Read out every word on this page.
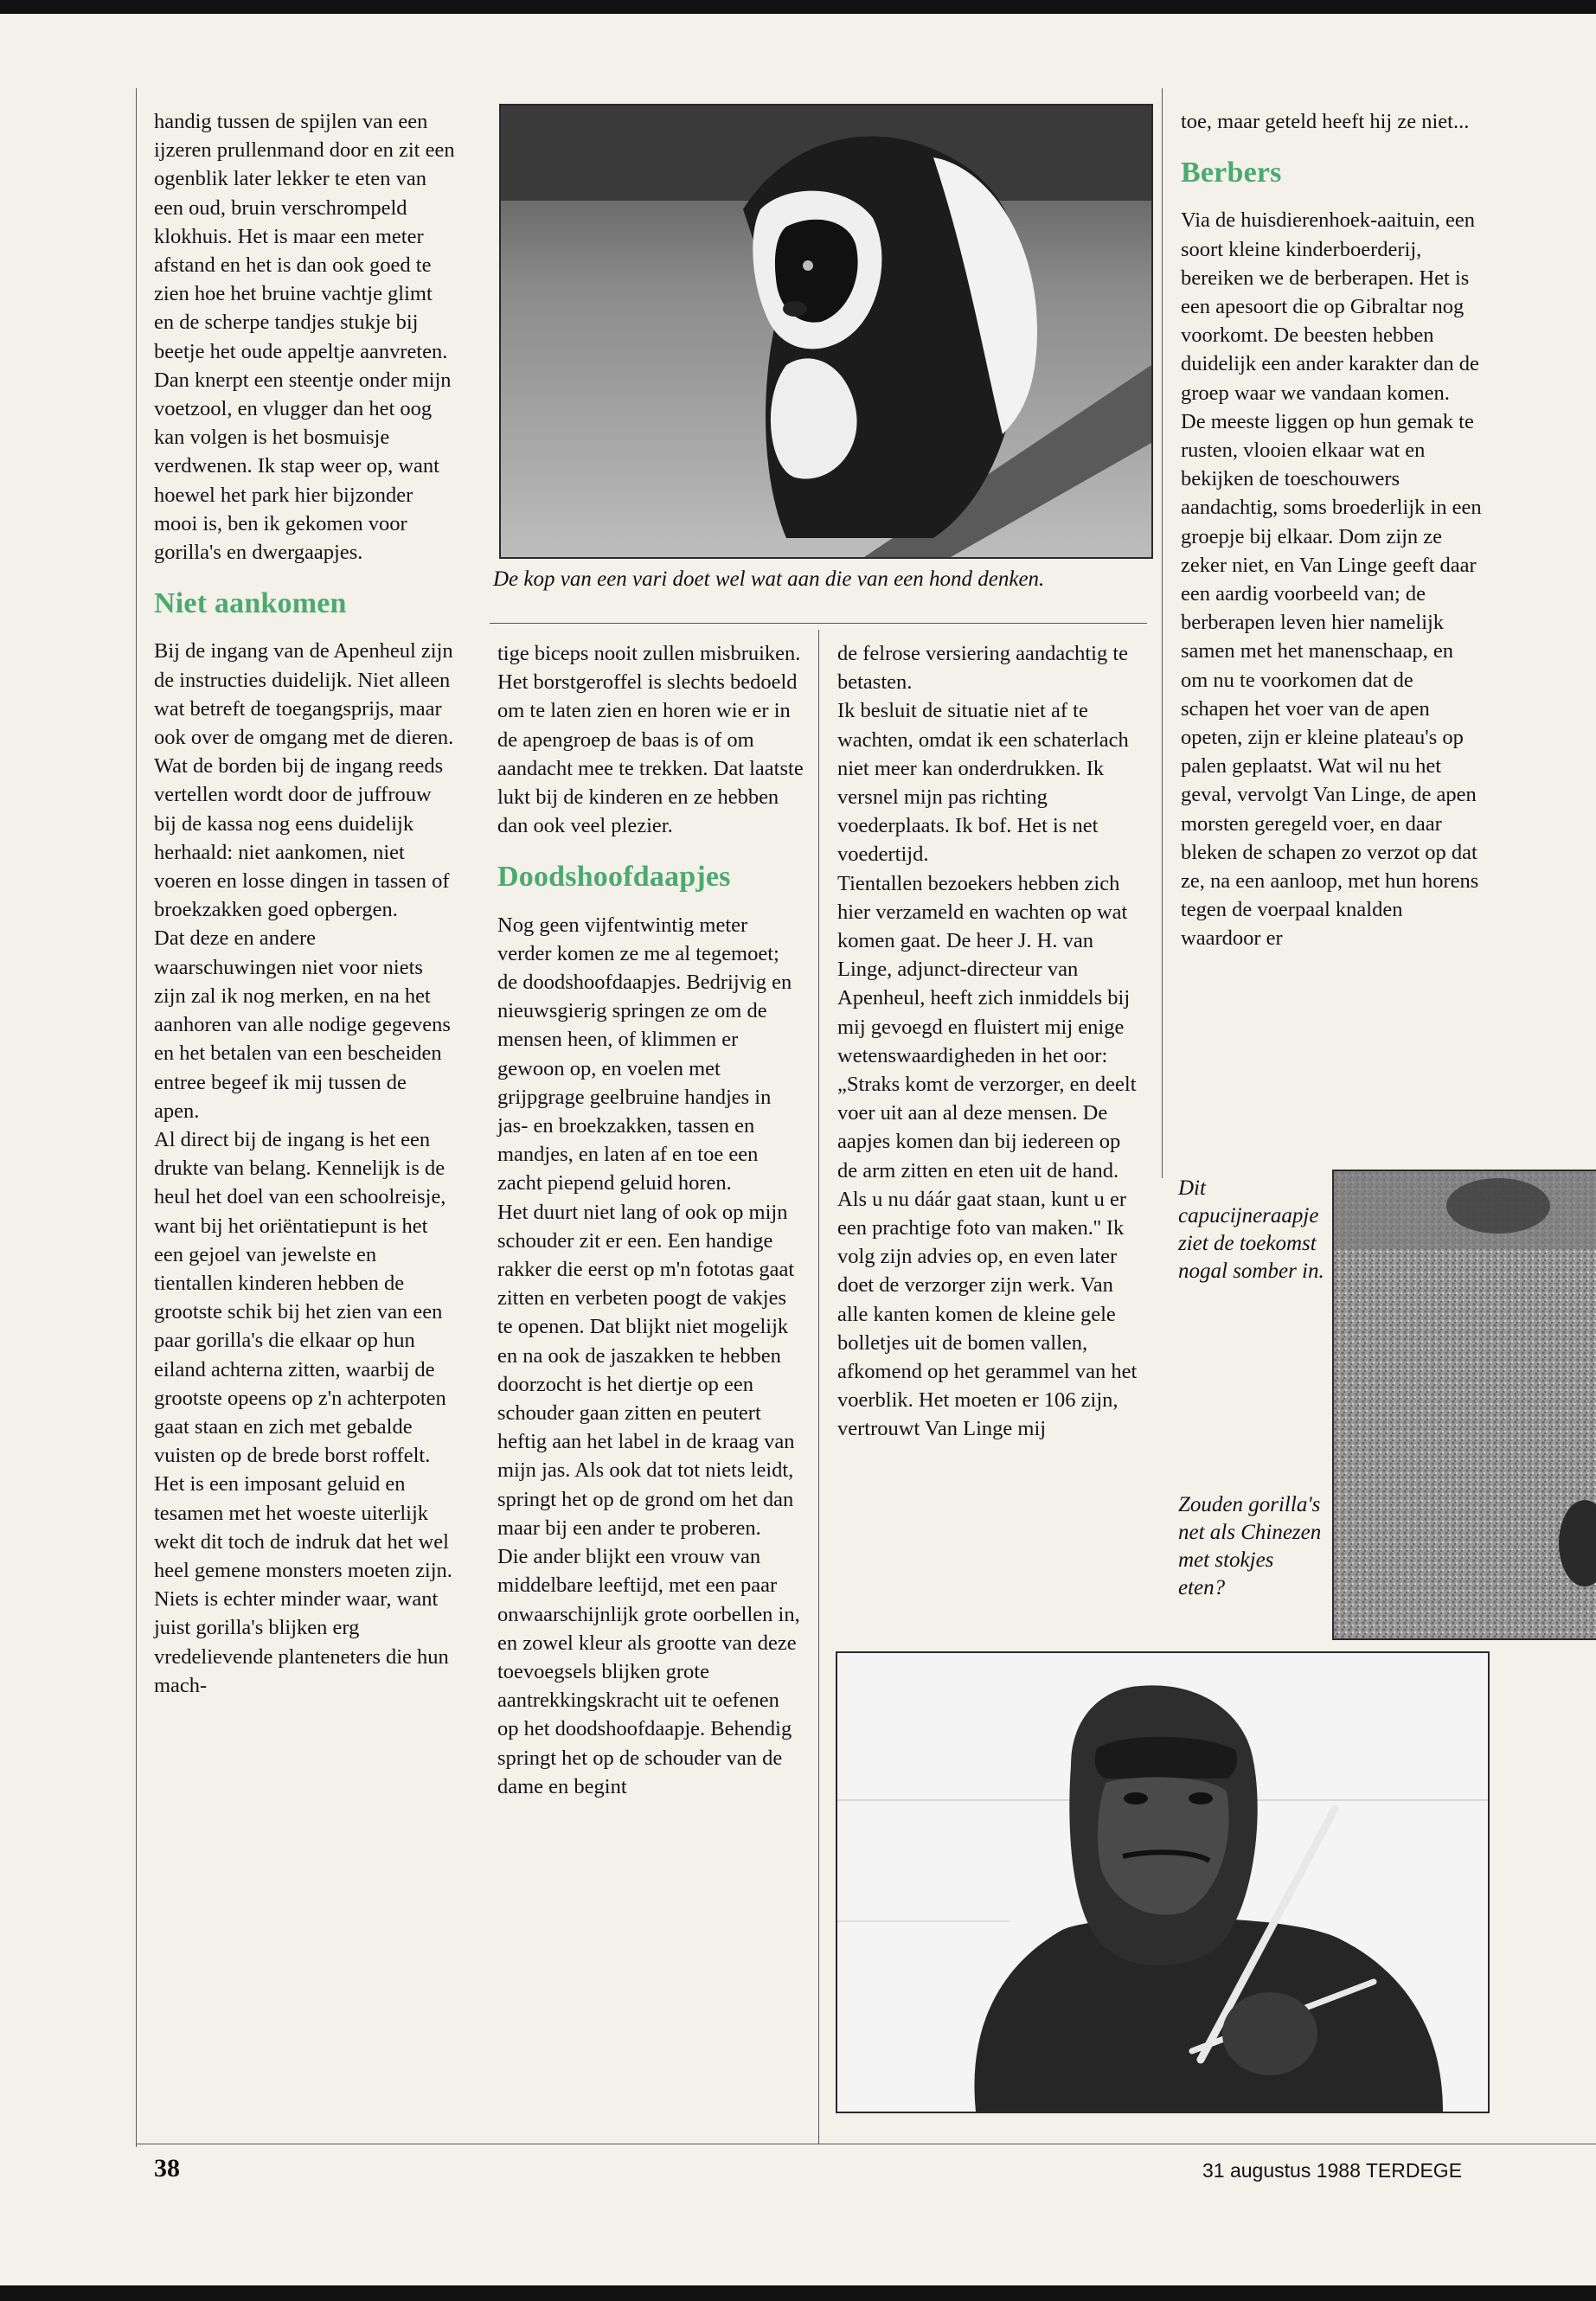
handig tussen de spijlen van een ijzeren prullenmand door en zit een ogenblik later lekker te eten van een oud, bruin verschrompeld klokhuis. Het is maar een meter afstand en het is dan ook goed te zien hoe het bruine vachtje glimt en de scherpe tandjes stukje bij beetje het oude appeltje aanvreten.

Dan knerpt een steentje onder mijn voetzool, en vlugger dan het oog kan volgen is het bosmuisje verdwenen. Ik stap weer op, want hoewel het park hier bijzonder mooi is, ben ik gekomen voor gorilla's en dwergaapjes.

Niet aankomen

Bij de ingang van de Apenheul zijn de instructies duidelijk. Niet alleen wat betreft de toegangsprijs, maar ook over de omgang met de dieren. Wat de borden bij de ingang reeds vertellen wordt door de juffrouw bij de kassa nog eens duidelijk herhaald: niet aankomen, niet voeren en losse dingen in tassen of broekzakken goed opbergen.

Dat deze en andere waarschuwingen niet voor niets zijn zal ik nog merken, en na het aanhoren van alle nodige gegevens en het betalen van een bescheiden entree begeef ik mij tussen de apen.

Al direct bij de ingang is het een drukte van belang. Kennelijk is de heul het doel van een schoolreisje, want bij het oriëntatiepunt is het een gejoel van jewelste en tientallen kinderen hebben de grootste schik bij het zien van een paar gorilla's die elkaar op hun eiland achterna zitten, waarbij de grootste opeens op z'n achterpoten gaat staan en zich met gebalde vuisten op de brede borst roffelt.

Het is een imposant geluid en tesamen met het woeste uiterlijk wekt dit toch de indruk dat het wel heel gemene monsters moeten zijn. Niets is echter minder waar, want juist gorilla's blijken erg vredelievende planteneters die hun mach-

De kop van een vari doet wel wat aan die van een hond denken.

tige biceps nooit zullen misbruiken. Het borstgeroffel is slechts bedoeld om te laten zien en horen wie er in de apengroep de baas is of om aandacht mee te trekken. Dat laatste lukt bij de kinderen en ze hebben dan ook veel plezier.

Doodshoofdaapjes

Nog geen vijfentwintig meter verder komen ze me al tegemoet; de doodshoofdaapjes. Bedrijvig en nieuwsgierig springen ze om de mensen heen, of klimmen er gewoon op, en voelen met grijpgrage geelbruine handjes in jas- en broekzakken, tassen en mandjes, en laten af en toe een zacht piepend geluid horen.

Het duurt niet lang of ook op mijn schouder zit er een. Een handige rakker die eerst op m'n fototas gaat zitten en verbeten poogt de vakjes te openen. Dat blijkt niet mogelijk en na ook de jaszakken te hebben doorzocht is het diertje op een schouder gaan zitten en peutert heftig aan het label in de kraag van mijn jas. Als ook dat tot niets leidt, springt het op de grond om het dan maar bij een ander te proberen.

Die ander blijkt een vrouw van middelbare leeftijd, met een paar onwaarschijnlijk grote oorbellen in, en zowel kleur als grootte van deze toevoegsels blijken grote aantrekkingskracht uit te oefenen op het doodshoofdaapje. Behendig springt het op de schouder van de dame en begint

de felrose versiering aandachtig te betasten.

Ik besluit de situatie niet af te wachten, omdat ik een schaterlach niet meer kan onderdrukken. Ik versnel mijn pas richting voederplaats. Ik bof. Het is net voedertijd.

Tientallen bezoekers hebben zich hier verzameld en wachten op wat komen gaat. De heer J. H. van Linge, adjunct-directeur van Apenheul, heeft zich inmiddels bij mij gevoegd en fluistert mij enige wetenswaardigheden in het oor: „Straks komt de verzorger, en deelt voer uit aan al deze mensen. De aapjes komen dan bij iedereen op de arm zitten en eten uit de hand. Als u nu dáár gaat staan, kunt u er een prachtige foto van maken.'' Ik volg zijn advies op, en even later doet de verzorger zijn werk. Van alle kanten komen de kleine gele bolletjes uit de bomen vallen, afkomend op het gerammel van het voerblik. Het moeten er 106 zijn, vertrouwt Van Linge mij

toe, maar geteld heeft hij ze niet...

Berbers

Via de huisdierenhoek-aaituin, een soort kleine kinderboerderij, bereiken we de berberapen. Het is een apesoort die op Gibraltar nog voorkomt. De beesten hebben duidelijk een ander karakter dan de groep waar we vandaan komen.

De meeste liggen op hun gemak te rusten, vlooien elkaar wat en bekijken de toeschouwers aandachtig, soms broederlijk in een groepje bij elkaar. Dom zijn ze zeker niet, en Van Linge geeft daar een aardig voorbeeld van; de berberapen leven hier namelijk samen met het manenschaap, en om nu te voorkomen dat de schapen het voer van de apen opeten, zijn er kleine plateau's op palen geplaatst. Wat wil nu het geval, vervolgt Van Linge, de apen morsten geregeld voer, en daar bleken de schapen zo verzot op dat ze, na een aanloop, met hun horens tegen de voerpaal knalden waardoor er

Dit capucijneraapje ziet de toekomst nogal somber in.
Zouden gorilla's net als Chinezen met stokjes eten?
38	31 augustus 1988 TERDEGE
